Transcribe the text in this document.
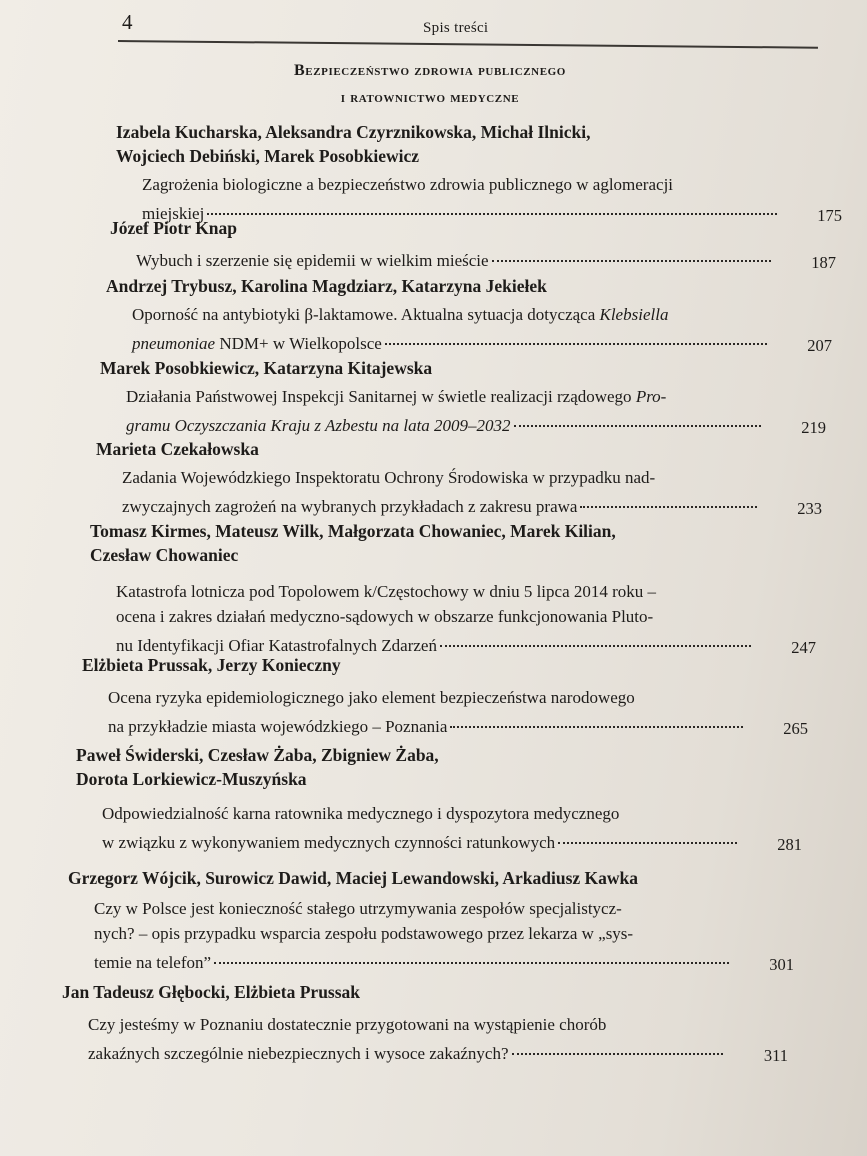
4	Spis treści
Bezpieczeństwo zdrowia publicznego
i ratownictwo medyczne
Izabela Kucharska, Aleksandra Czyrznikowska, Michał Ilnicki,
Wojciech Debiński, Marek Posobkiewicz
Zagrożenia biologiczne a bezpieczeństwo zdrowia publicznego w aglomeracji
miejskiej	175
Józef Piotr Knap
Wybuch i szerzenie się epidemii w wielkim mieście	187
Andrzej Trybusz, Karolina Magdziarz, Katarzyna Jekiełek
Oporność na antybiotyki β-laktamowe. Aktualna sytuacja dotycząca Klebsiella
pneumoniae NDM+ w Wielkopolsce	207
Marek Posobkiewicz, Katarzyna Kitajewska
Działania Państwowej Inspekcji Sanitarnej w świetle realizacji rządowego Pro-
gramu Oczyszczania Kraju z Azbestu na lata 2009–2032	219
Marieta Czekałowska
Zadania Wojewódzkiego Inspektoratu Ochrony Środowiska w przypadku nad-
zwyczajnych zagrożeń na wybranych przykładach z zakresu prawa	233
Tomasz Kirmes, Mateusz Wilk, Małgorzata Chowaniec, Marek Kilian,
Czesław Chowaniec
Katastrofa lotnicza pod Topolowem k/Częstochowy w dniu 5 lipca 2014 roku –
ocena i zakres działań medyczno-sądowych w obszarze funkcjonowania Pluto-
nu Identyfikacji Ofiar Katastrofalnych Zdarzeń	247
Elżbieta Prussak, Jerzy Konieczny
Ocena ryzyka epidemiologicznego jako element bezpieczeństwa narodowego
na przykładzie miasta wojewódzkiego – Poznania	265
Paweł Świderski, Czesław Żaba, Zbigniew Żaba,
Dorota Lorkiewicz-Muszyńska
Odpowiedzialność karna ratownika medycznego i dyspozytora medycznego
w związku z wykonywaniem medycznych czynności ratunkowych	281
Grzegorz Wójcik, Surowicz Dawid, Maciej Lewandowski, Arkadiusz Kawka
Czy w Polsce jest konieczność stałego utrzymywania zespołów specjalistycz-
nych? – opis przypadku wsparcia zespołu podstawowego przez lekarza w „sys-
temie na telefon”	301
Jan Tadeusz Głębocki, Elżbieta Prussak
Czy jesteśmy w Poznaniu dostatecznie przygotowani na wystąpienie chorób
zakaźnych szczególnie niebezpiecznych i wysoce zakaźnych?	311
